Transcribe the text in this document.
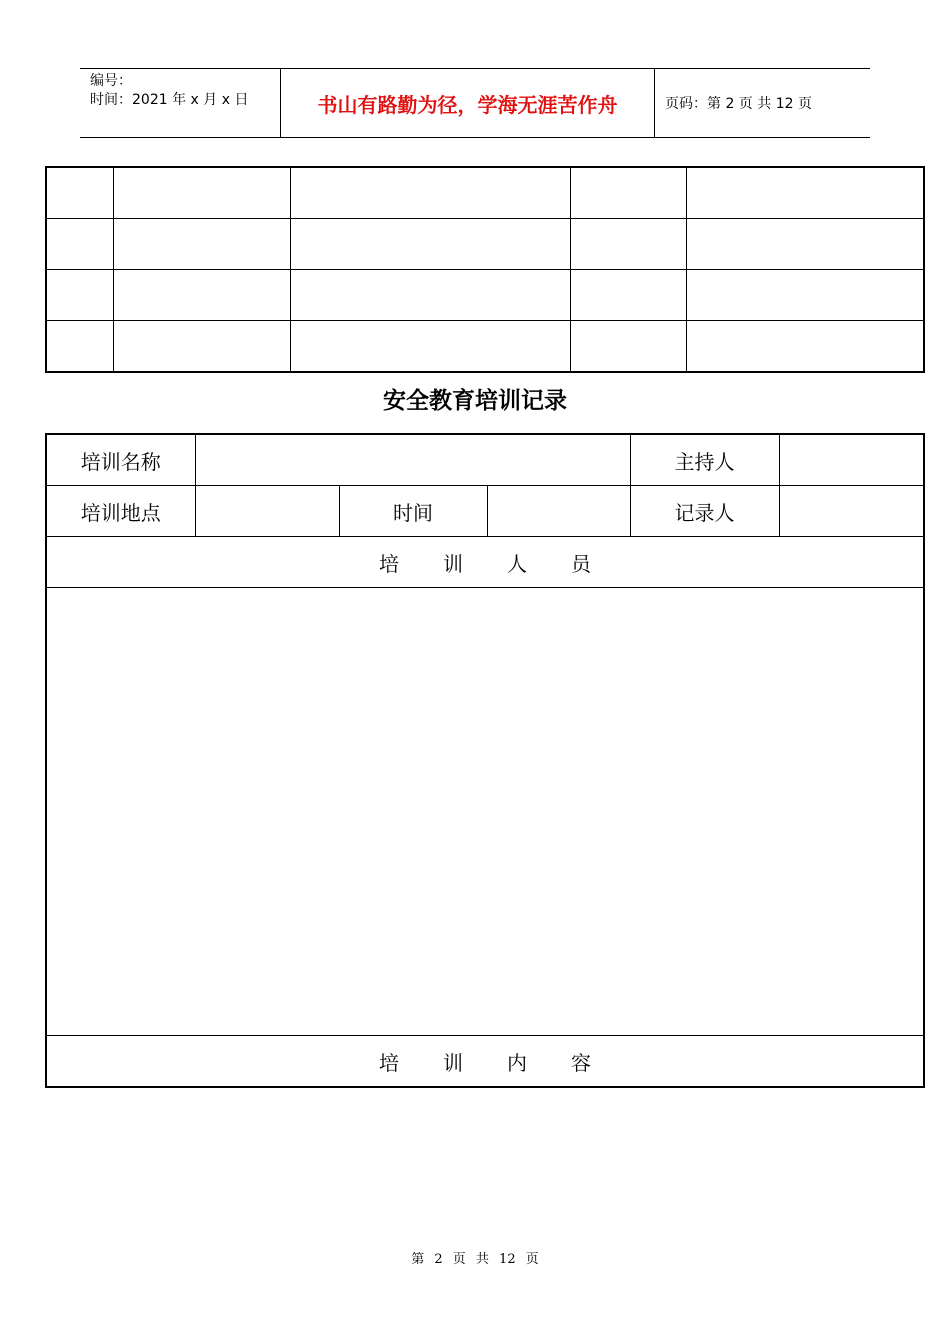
编号：
时间：2021 年 x 月 x 日	书山有路勤为径，学海无涯苦作舟	页码：第 2 页 共 12 页

安全教育培训记录
培训名称				主持人	
培训地点		时间		记录人	
培训人员					

培训内容					
第 2 页 共 12 页
